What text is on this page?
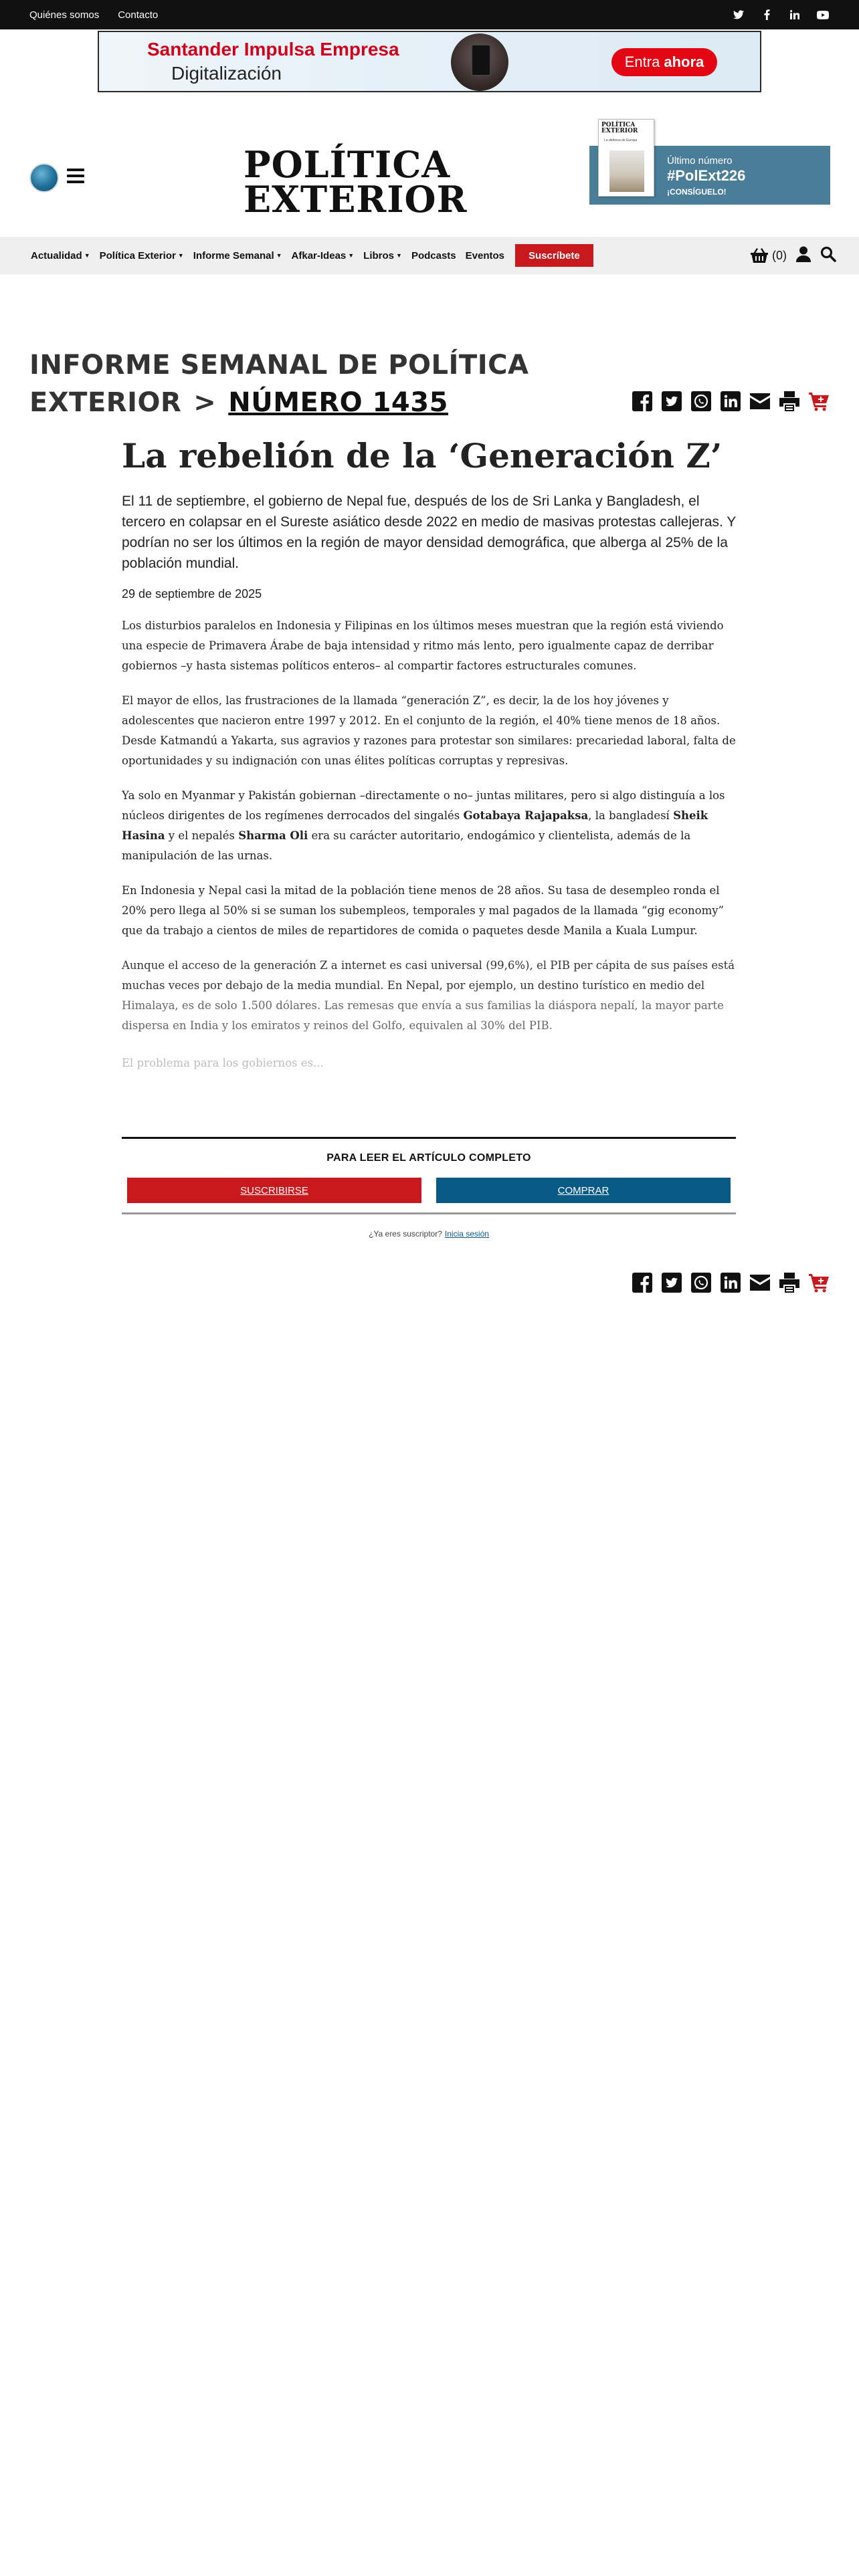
Quiénes somos Contacto
Santander Impulsa Empresa
Digitalización
Entra ahora
POLÍTICA
EXTERIOR
Último número
#PolExt226
¡CONSÍGUELO!
POLÍTICA
EXTERIOR
La defensa de Europa
Actualidad ▼ Política Exterior ▼ Informe Semanal ▼ Afkar-Ideas ▼ Libros ▼ Podcasts Eventos	Suscríbete	(0)
INFORME SEMANAL DE POLÍTICA EXTERIOR > NÚMERO 1435
La rebelión de la ‘Generación Z’
El 11 de septiembre, el gobierno de Nepal fue, después de los de Sri Lanka y Bangladesh, el tercero en colapsar en el Sureste asiático desde 2022 en medio de masivas protestas callejeras. Y podrían no ser los últimos en la región de mayor densidad demográfica, que alberga al 25% de la población mundial.
29 de septiembre de 2025

Los disturbios paralelos en Indonesia y Filipinas en los últimos meses muestran que la región está viviendo una especie de Primavera Árabe de baja intensidad y ritmo más lento, pero igualmente capaz de derribar gobiernos –y hasta sistemas políticos enteros– al compartir factores estructurales comunes.

El mayor de ellos, las frustraciones de la llamada “generación Z”, es decir, la de los hoy jóvenes y adolescentes que nacieron entre 1997 y 2012. En el conjunto de la región, el 40% tiene menos de 18 años. Desde Katmandú a Yakarta, sus agravios y razones para protestar son similares: precariedad laboral, falta de oportunidades y su indignación con unas élites políticas corruptas y represivas.

Ya solo en Myanmar y Pakistán gobiernan –directamente o no– juntas militares, pero si algo distinguía a los núcleos dirigentes de los regímenes derrocados del singalés Gotabaya Rajapaksa, la bangladesí Sheik Hasina y el nepalés Sharma Oli era su carácter autoritario, endogámico y clientelista, además de la manipulación de las urnas.

En Indonesia y Nepal casi la mitad de la población tiene menos de 28 años. Su tasa de desempleo ronda el 20% pero llega al 50% si se suman los subempleos, temporales y mal pagados de la llamada “gig economy” que da trabajo a cientos de miles de repartidores de comida o paquetes desde Manila a Kuala Lumpur.

Aunque el acceso de la generación Z a internet es casi universal (99,6%), el PIB per cápita de sus países está muchas veces por debajo de la media mundial. En Nepal, por ejemplo, un destino turístico en medio del Himalaya, es de solo 1.500 dólares. Las remesas que envía a sus familias la diáspora nepalí, la mayor parte dispersa en India y los emiratos y reinos del Golfo, equivalen al 30% del PIB.

El problema para los gobiernos es...

PARA LEER EL ARTÍCULO COMPLETO
SUSCRIBIRSE	COMPRAR
¿Ya eres suscriptor? Inicia sesión
